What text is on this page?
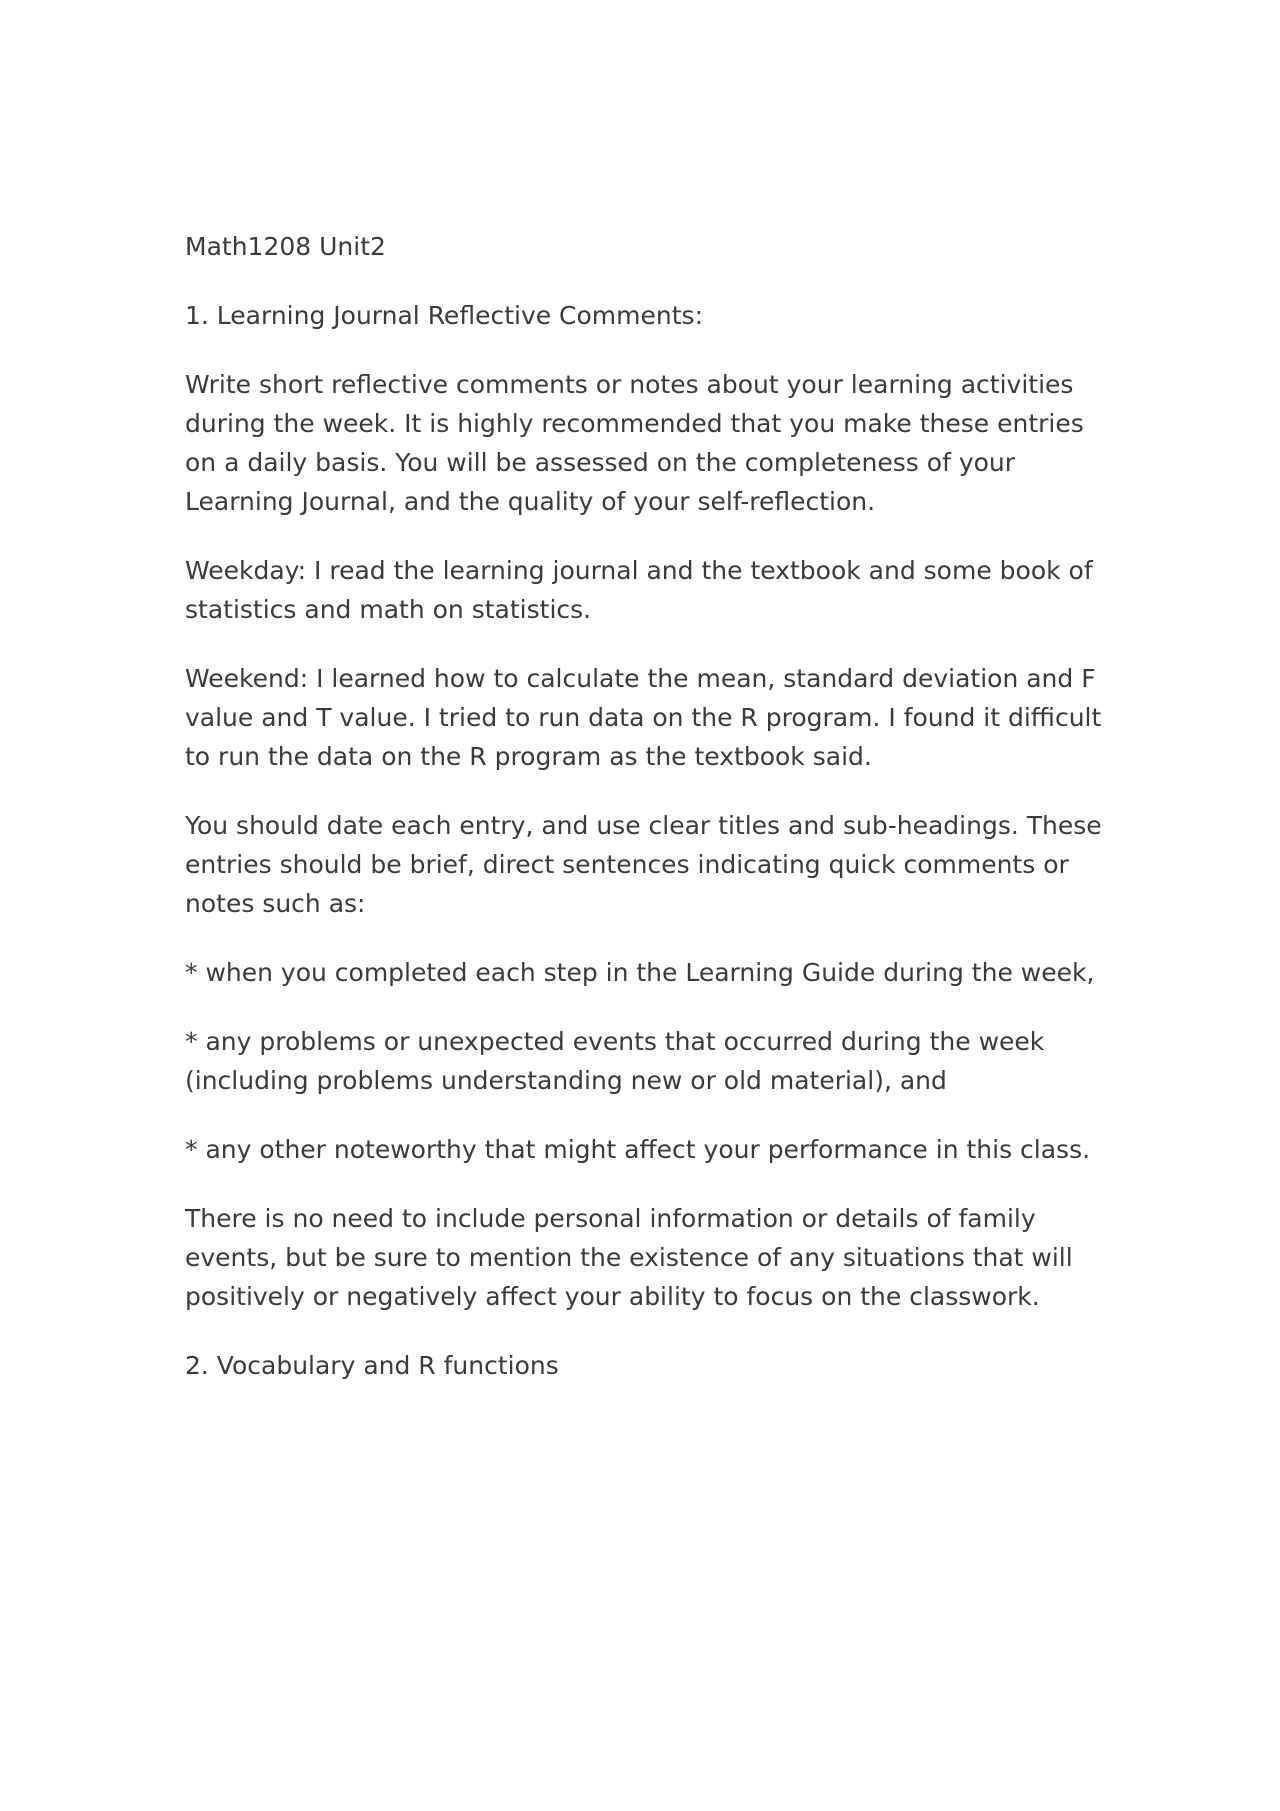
Math1208 Unit2

1. Learning Journal Reflective Comments:

Write short reflective comments or notes about your learning activities during the week. It is highly recommended that you make these entries on a daily basis. You will be assessed on the completeness of your Learning Journal, and the quality of your self-reflection.

Weekday: I read the learning journal and the textbook and some book of statistics and math on statistics.

Weekend: I learned how to calculate the mean, standard deviation and F value and T value. I tried to run data on the R program. I found it difficult to run the data on the R program as the textbook said.

You should date each entry, and use clear titles and sub-headings. These entries should be brief, direct sentences indicating quick comments or notes such as:

* when you completed each step in the Learning Guide during the week,

* any problems or unexpected events that occurred during the week (including problems understanding new or old material), and

* any other noteworthy that might affect your performance in this class.

There is no need to include personal information or details of family events, but be sure to mention the existence of any situations that will positively or negatively affect your ability to focus on the classwork.

2. Vocabulary and R functions
